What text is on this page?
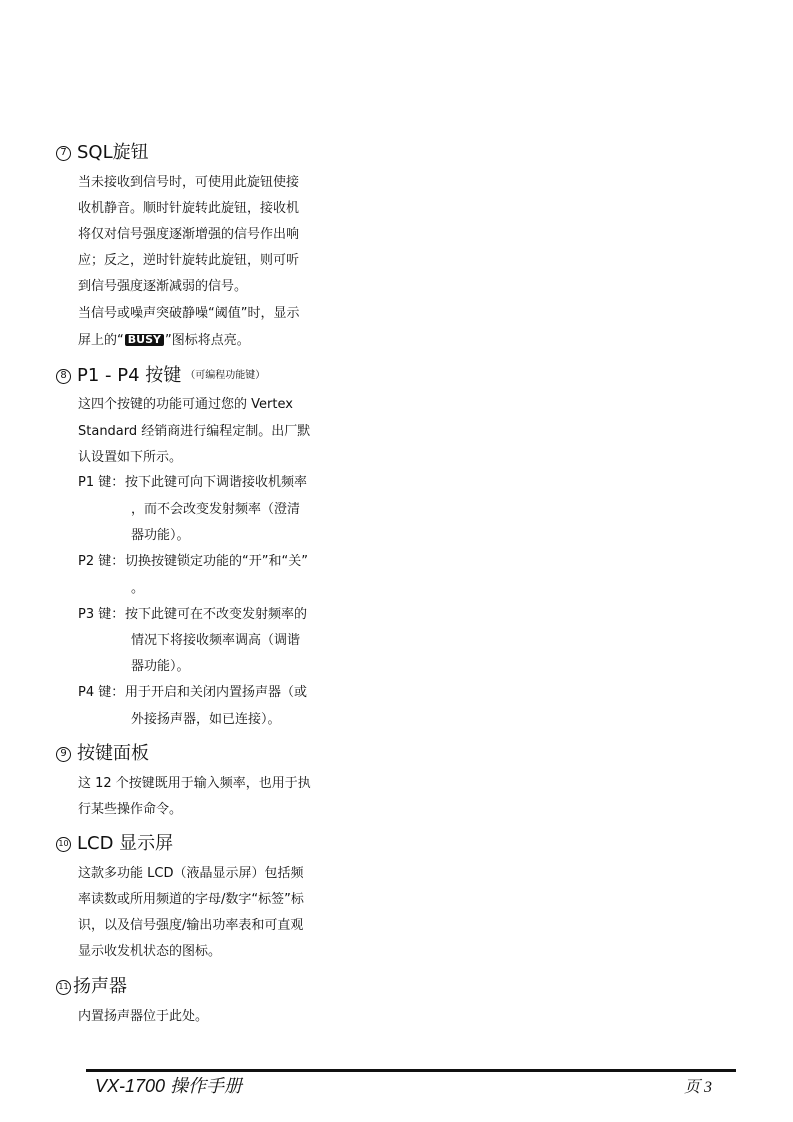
7 SQL旋钮
当未接收到信号时，可使用此旋钮使接
收机静音。顺时针旋转此旋钮，接收机
将仅对信号强度逐渐增强的信号作出响
应；反之，逆时针旋转此旋钮，则可听
到信号强度逐渐减弱的信号。
当信号或噪声突破静噪“阈值”时，显示
屏上的“ BUSY ”图标将点亮。
8 P1 - P4 按键 （可编程功能键）
这四个按键的功能可通过您的 Vertex
Standard 经销商进行编程定制。出厂默
认设置如下所示。
P1 键： 按下此键可向下调谐接收机频率
，而不会改变发射频率（澄清
器功能）。
P2 键： 切换按键锁定功能的“开”和“关”
。
P3 键： 按下此键可在不改变发射频率的
情况下将接收频率调高（调谐
器功能）。
P4 键： 用于开启和关闭内置扬声器（或
外接扬声器，如已连接）。
9 按键面板
这 12 个按键既用于输入频率，也用于执
行某些操作命令。
10 LCD 显示屏
这款多功能 LCD（液晶显示屏）包括频
率读数或所用频道的字母/数字“标签”标
识，以及信号强度/输出功率表和可直观
显示收发机状态的图标。
11 扬声器
内置扬声器位于此处。
VX-1700 操作手册	页 3
